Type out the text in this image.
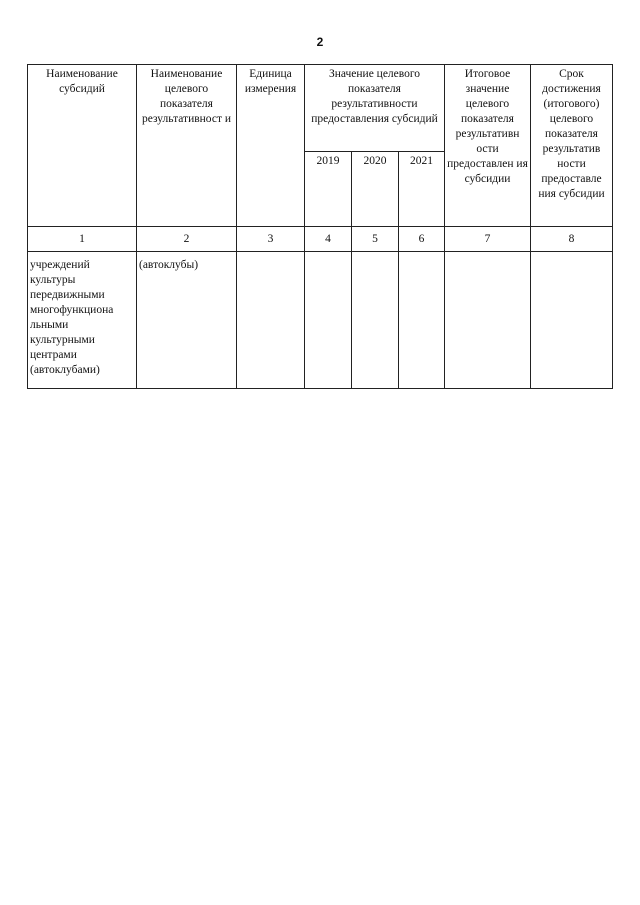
2
Наименование субсидий	Наименование целевого показателя результативност и	Единица измерения	Значение целевого показателя результативности предоставления субсидий			Итоговое значение целевого показателя результативн ости предоставлен ия субсидии	Срок достижения (итогового) целевого показателя результатив ности предоставле ния субсидии
			2019	2020	2021		
1	2	3	4	5	6	7	8
учреждений культуры передвижными многофункциона льными культурными центрами (автоклубами)	(автоклубы)						
